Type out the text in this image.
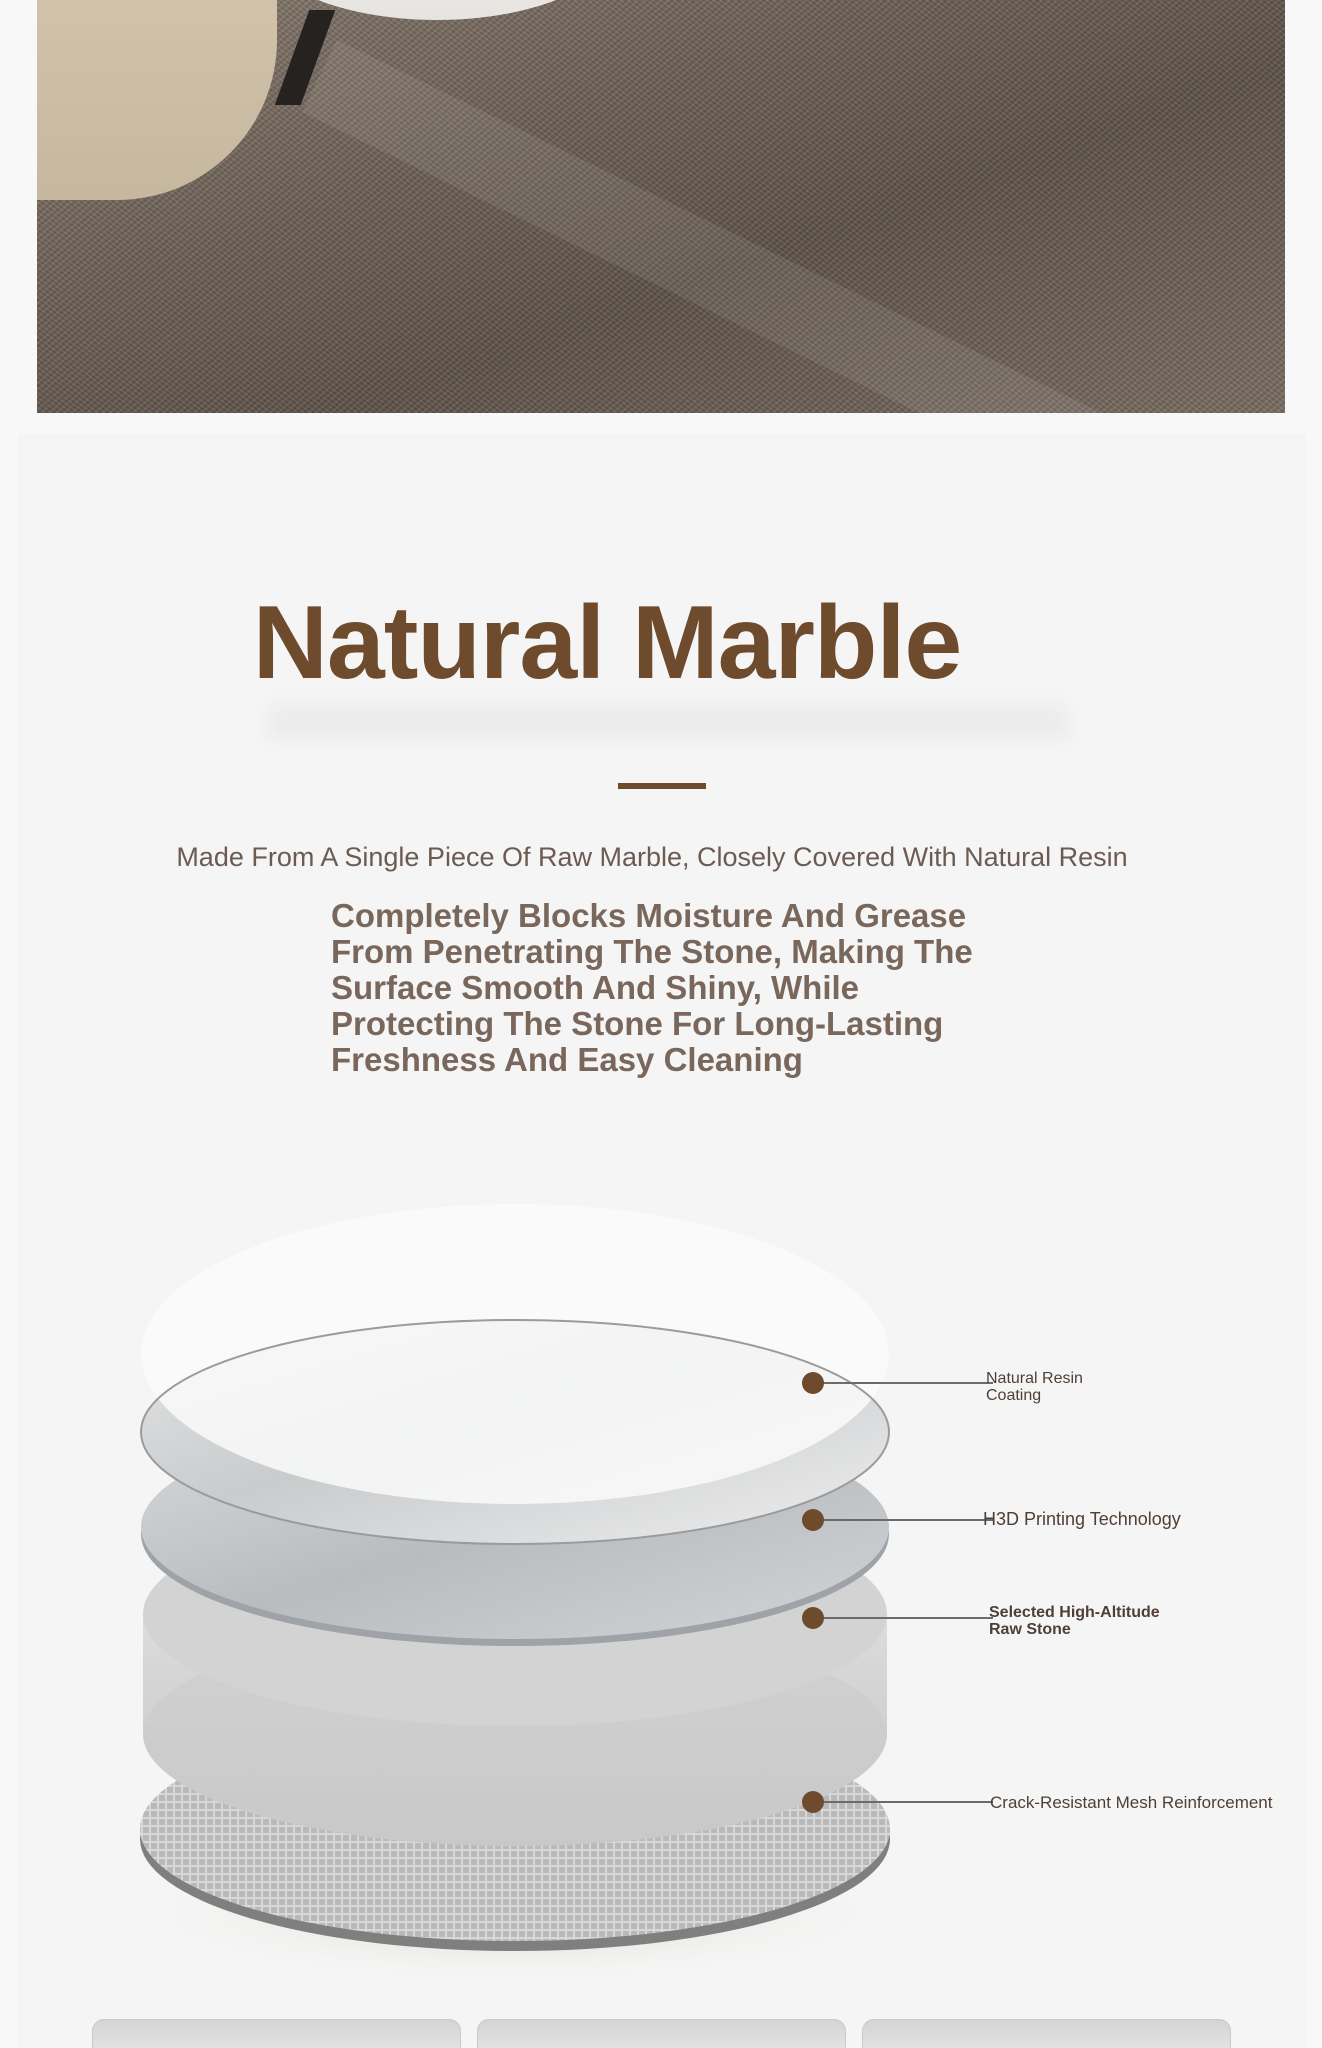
Natural Marble

Made From A Single Piece Of Raw Marble, Closely Covered With Natural Resin

Completely Blocks Moisture And Grease From Penetrating The Stone, Making The Surface Smooth And Shiny, While Protecting The Stone For Long-Lasting Freshness And Easy Cleaning

Natural Resin Coating

H3D Printing Technology

Selected High-Altitude Raw Stone

Crack-Resistant Mesh Reinforcement
